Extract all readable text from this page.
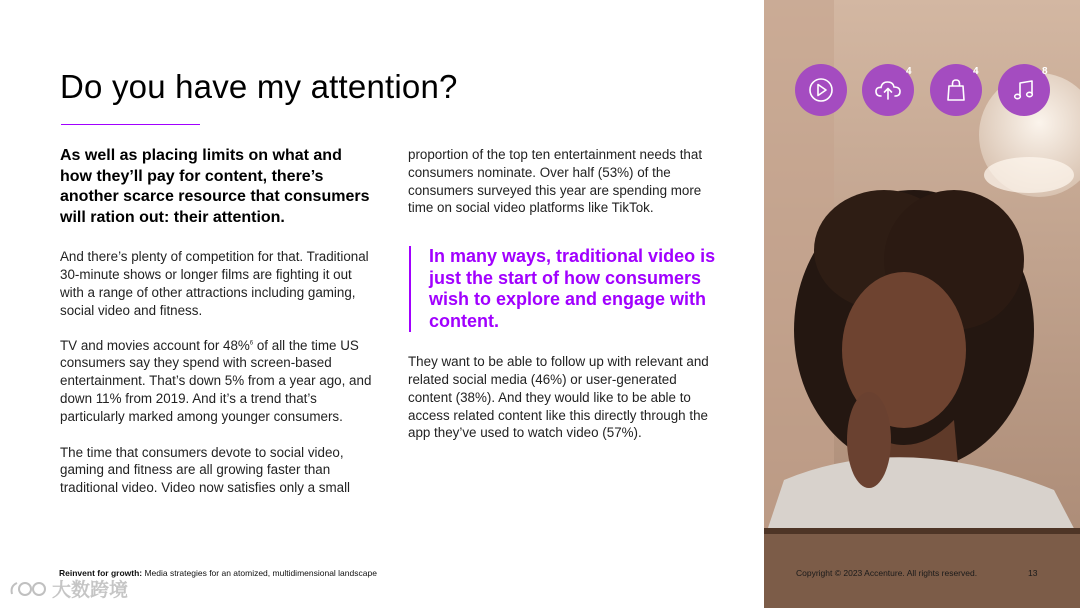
Do you have my attention?

As well as placing limits on what and how they’ll pay for content, there’s another scarce resource that consumers will ration out: their attention.

And there’s plenty of competition for that. Traditional 30-minute shows or longer films are fighting it out with a range of other attractions including gaming, social video and fitness.

TV and movies account for 48%$^6$ of all the time US consumers say they spend with screen-based entertainment. That’s down 5% from a year ago, and down 11% from 2019. And it’s a trend that’s particularly marked among younger consumers.

The time that consumers devote to social video, gaming and fitness are all growing faster than traditional video. Video now satisfies only a small

proportion of the top ten entertainment needs that consumers nominate. Over half (53%) of the consumers surveyed this year are spending more time on social video platforms like TikTok.

In many ways, traditional video is just the start of how consumers wish to explore and engage with content.

They want to be able to follow up with relevant and related social media (46%) or user-generated content (38%). And they would like to be able to access related content like this directly through the app they’ve used to watch video (57%).

4	4	8
Reinvent for growth: Media strategies for an atomized, multidimensional landscape	Copyright © 2023 Accenture. All rights reserved.	13
大数跨境
